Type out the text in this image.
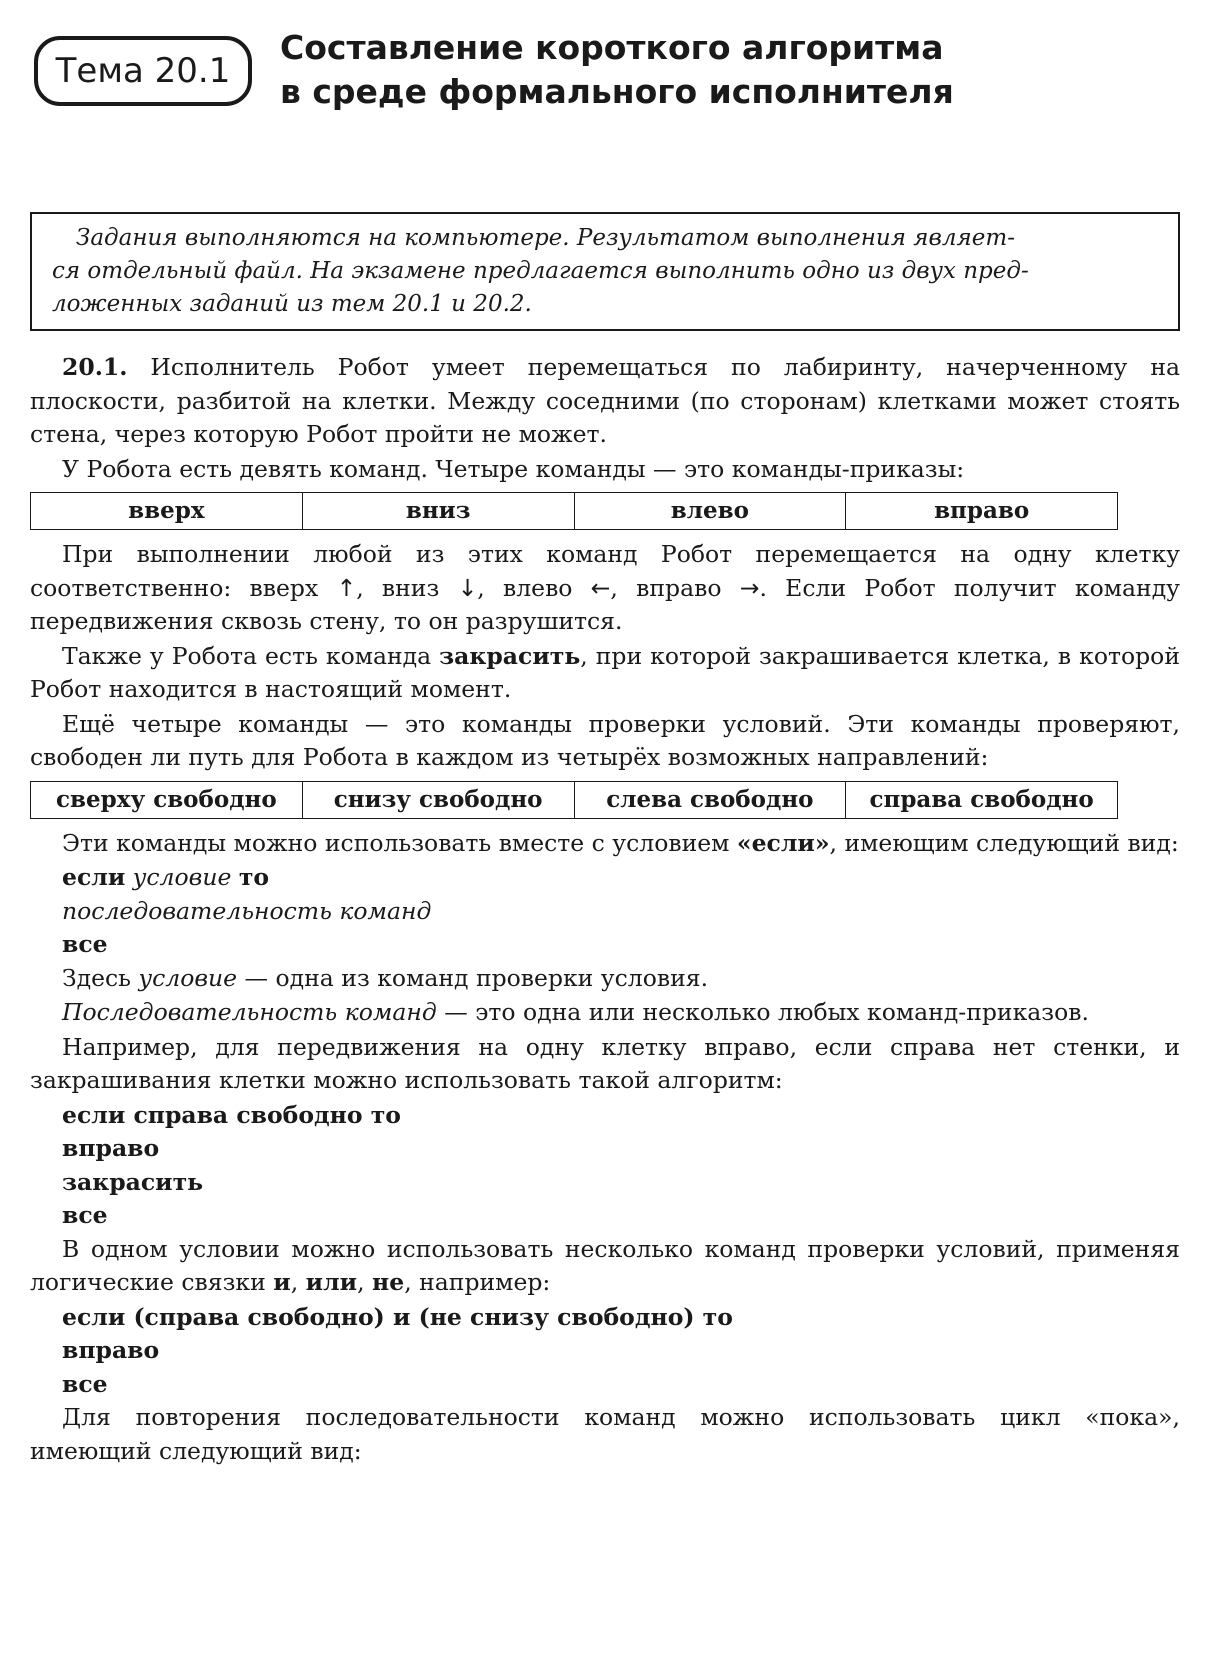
Тема 20.1
Составление короткого алгоритма
в среде формального исполнителя
Задания выполняются на компьютере. Результатом выполнения являет-
ся отдельный файл. На экзамене предлагается выполнить одно из двух пред-
ложенных заданий из тем 20.1 и 20.2.

20.1. Исполнитель Робот умеет перемещаться по лабиринту, начерченному на плоскости, разбитой на клетки. Между соседними (по сторонам) клетками может стоять стена, через которую Робот пройти не может.

У Робота есть девять команд. Четыре команды — это команды-приказы:

вверх	вниз	влево	вправо

При выполнении любой из этих команд Робот перемещается на одну клетку соответственно: вверх ↑, вниз ↓, влево ←, вправо →. Если Робот получит команду передвижения сквозь стену, то он разрушится.

Также у Робота есть команда закрасить, при которой закрашивается клетка, в которой Робот находится в настоящий момент.

Ещё четыре команды — это команды проверки условий. Эти команды проверяют, свободен ли путь для Робота в каждом из четырёх возможных направлений:

сверху свободно	снизу свободно	слева свободно	справа свободно

Эти команды можно использовать вместе с условием «если», имеющим следующий вид:

если условие то
последовательность команд
все

Здесь условие — одна из команд проверки условия.

Последовательность команд — это одна или несколько любых команд-приказов.

Например, для передвижения на одну клетку вправо, если справа нет стенки, и закрашивания клетки можно использовать такой алгоритм:

если справа свободно то
вправо
закрасить
все

В одном условии можно использовать несколько команд проверки условий, применяя логические связки и, или, не, например:

если (справа свободно) и (не снизу свободно) то
вправо
все

Для повторения последовательности команд можно использовать цикл «пока», имеющий следующий вид:
